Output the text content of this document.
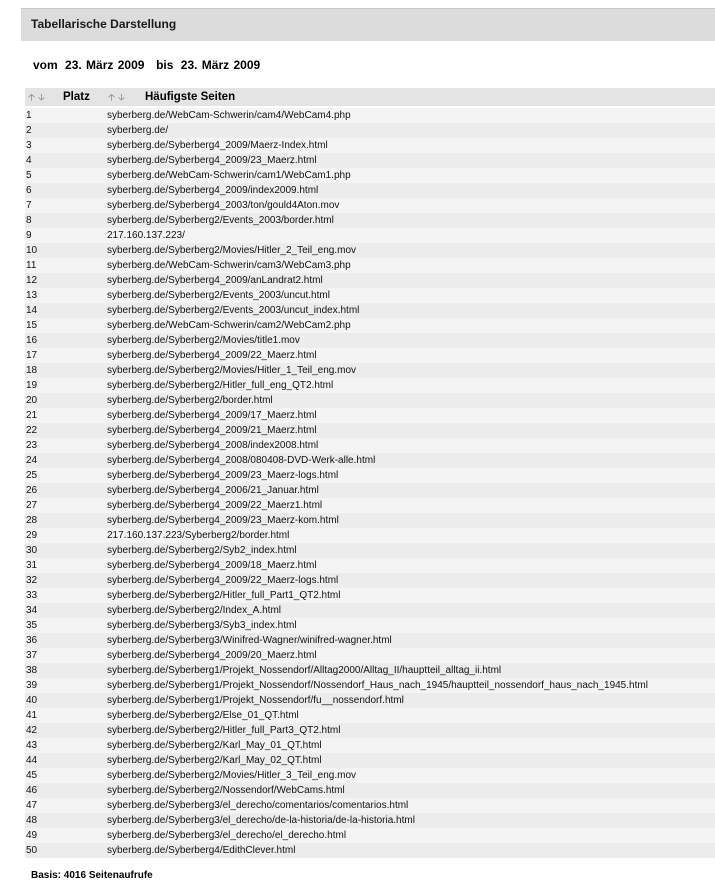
Tabellarische Darstellung
vom 23. März 2009 bis 23. März 2009
🡡 🡣 Platz 🡡 🡣 Häufigste Seiten
1	syberberg.de/WebCam-Schwerin/cam4/WebCam4.php
2	syberberg.de/
3	syberberg.de/Syberberg4_2009/Maerz-Index.html
4	syberberg.de/Syberberg4_2009/23_Maerz.html
5	syberberg.de/WebCam-Schwerin/cam1/WebCam1.php
6	syberberg.de/Syberberg4_2009/index2009.html
7	syberberg.de/Syberberg4_2003/ton/gould4Aton.mov
8	syberberg.de/Syberberg2/Events_2003/border.html
9	217.160.137.223/
10	syberberg.de/Syberberg2/Movies/Hitler_2_Teil_eng.mov
11	syberberg.de/WebCam-Schwerin/cam3/WebCam3.php
12	syberberg.de/Syberberg4_2009/anLandrat2.html
13	syberberg.de/Syberberg2/Events_2003/uncut.html
14	syberberg.de/Syberberg2/Events_2003/uncut_index.html
15	syberberg.de/WebCam-Schwerin/cam2/WebCam2.php
16	syberberg.de/Syberberg2/Movies/title1.mov
17	syberberg.de/Syberberg4_2009/22_Maerz.html
18	syberberg.de/Syberberg2/Movies/Hitler_1_Teil_eng.mov
19	syberberg.de/Syberberg2/Hitler_full_eng_QT2.html
20	syberberg.de/Syberberg2/border.html
21	syberberg.de/Syberberg4_2009/17_Maerz.html
22	syberberg.de/Syberberg4_2009/21_Maerz.html
23	syberberg.de/Syberberg4_2008/index2008.html
24	syberberg.de/Syberberg4_2008/080408-DVD-Werk-alle.html
25	syberberg.de/Syberberg4_2009/23_Maerz-logs.html
26	syberberg.de/Syberberg4_2006/21_Januar.html
27	syberberg.de/Syberberg4_2009/22_Maerz1.html
28	syberberg.de/Syberberg4_2009/23_Maerz-kom.html
29	217.160.137.223/Syberberg2/border.html
30	syberberg.de/Syberberg2/Syb2_index.html
31	syberberg.de/Syberberg4_2009/18_Maerz.html
32	syberberg.de/Syberberg4_2009/22_Maerz-logs.html
33	syberberg.de/Syberberg2/Hitler_full_Part1_QT2.html
34	syberberg.de/Syberberg2/Index_A.html
35	syberberg.de/Syberberg3/Syb3_index.html
36	syberberg.de/Syberberg3/Winifred-Wagner/winifred-wagner.html
37	syberberg.de/Syberberg4_2009/20_Maerz.html
38	syberberg.de/Syberberg1/Projekt_Nossendorf/Alltag2000/Alltag_II/hauptteil_alltag_ii.html
39	syberberg.de/Syberberg1/Projekt_Nossendorf/Nossendorf_Haus_nach_1945/hauptteil_nossendorf_haus_nach_1945.html
40	syberberg.de/Syberberg1/Projekt_Nossendorf/fu__nossendorf.html
41	syberberg.de/Syberberg2/Else_01_QT.html
42	syberberg.de/Syberberg2/Hitler_full_Part3_QT2.html
43	syberberg.de/Syberberg2/Karl_May_01_QT.html
44	syberberg.de/Syberberg2/Karl_May_02_QT.html
45	syberberg.de/Syberberg2/Movies/Hitler_3_Teil_eng.mov
46	syberberg.de/Syberberg2/Nossendorf/WebCams.html
47	syberberg.de/Syberberg3/el_derecho/comentarios/comentarios.html
48	syberberg.de/Syberberg3/el_derecho/de-la-historia/de-la-historia.html
49	syberberg.de/Syberberg3/el_derecho/el_derecho.html
50	syberberg.de/Syberberg4/EdithClever.html
Basis: 4016 Seitenaufrufe
